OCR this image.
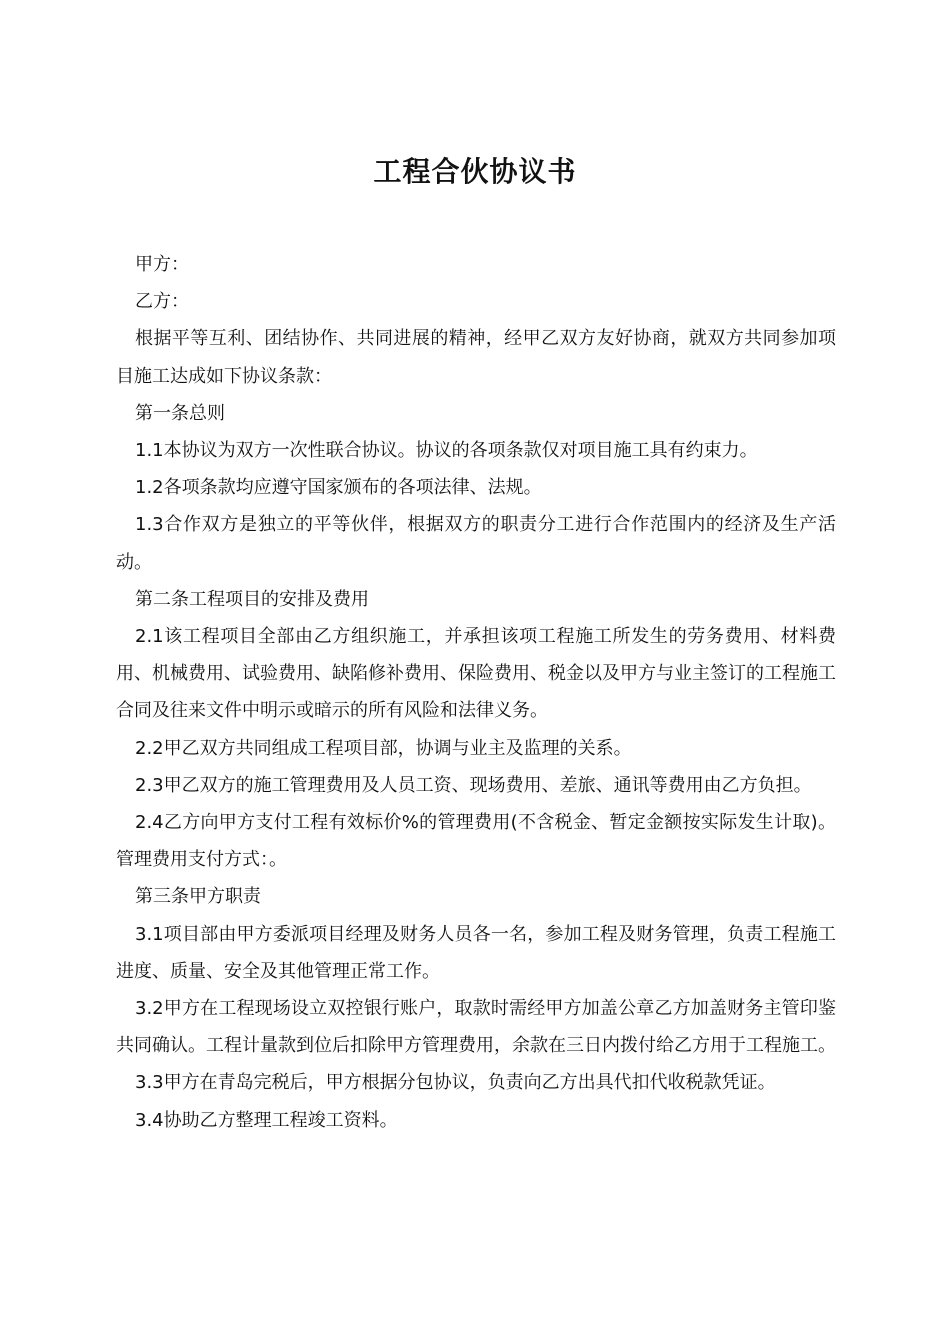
工程合伙协议书

甲方：

乙方：

根据平等互利、团结协作、共同进展的精神，经甲乙双方友好协商，就双方共同参加项目施工达成如下协议条款：

第一条总则

1.1本协议为双方一次性联合协议。协议的各项条款仅对项目施工具有约束力。

1.2各项条款均应遵守国家颁布的各项法律、法规。

1.3合作双方是独立的平等伙伴，根据双方的职责分工进行合作范围内的经济及生产活动。

第二条工程项目的安排及费用

2.1该工程项目全部由乙方组织施工，并承担该项工程施工所发生的劳务费用、材料费用、机械费用、试验费用、缺陷修补费用、保险费用、税金以及甲方与业主签订的工程施工合同及往来文件中明示或暗示的所有风险和法律义务。

2.2甲乙双方共同组成工程项目部，协调与业主及监理的关系。

2.3甲乙双方的施工管理费用及人员工资、现场费用、差旅、通讯等费用由乙方负担。

2.4乙方向甲方支付工程有效标价%的管理费用(不含税金、暂定金额按实际发生计取)。管理费用支付方式：。

第三条甲方职责

3.1项目部由甲方委派项目经理及财务人员各一名，参加工程及财务管理，负责工程施工进度、质量、安全及其他管理正常工作。

3.2甲方在工程现场设立双控银行账户，取款时需经甲方加盖公章乙方加盖财务主管印鉴共同确认。工程计量款到位后扣除甲方管理费用，余款在三日内拨付给乙方用于工程施工。

3.3甲方在青岛完税后，甲方根据分包协议，负责向乙方出具代扣代收税款凭证。

3.4协助乙方整理工程竣工资料。
